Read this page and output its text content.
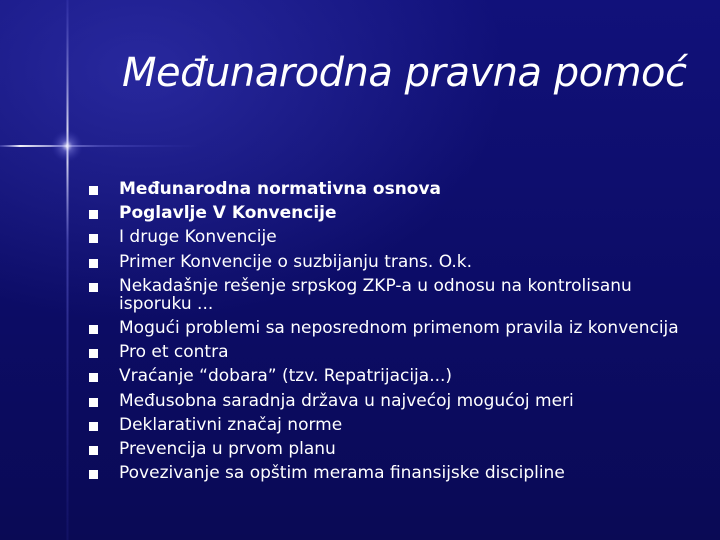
Međunarodna pravna pomoć
Međunarodna normativna osnova
Poglavlje V Konvencije
I druge Konvencije
Primer Konvencije o suzbijanju trans. O.k.
Nekadašnje rešenje srpskog ZKP-a u odnosu na kontrolisanu isporuku ...
Mogući problemi sa neposrednom primenom pravila iz konvencija
Pro et contra
Vraćanje “dobara” (tzv. Repatrijacija...)
Međusobna saradnja država u najvećoj mogućoj meri
Deklarativni značaj norme
Prevencija u prvom planu
Povezivanje sa opštim merama finansijske discipline
